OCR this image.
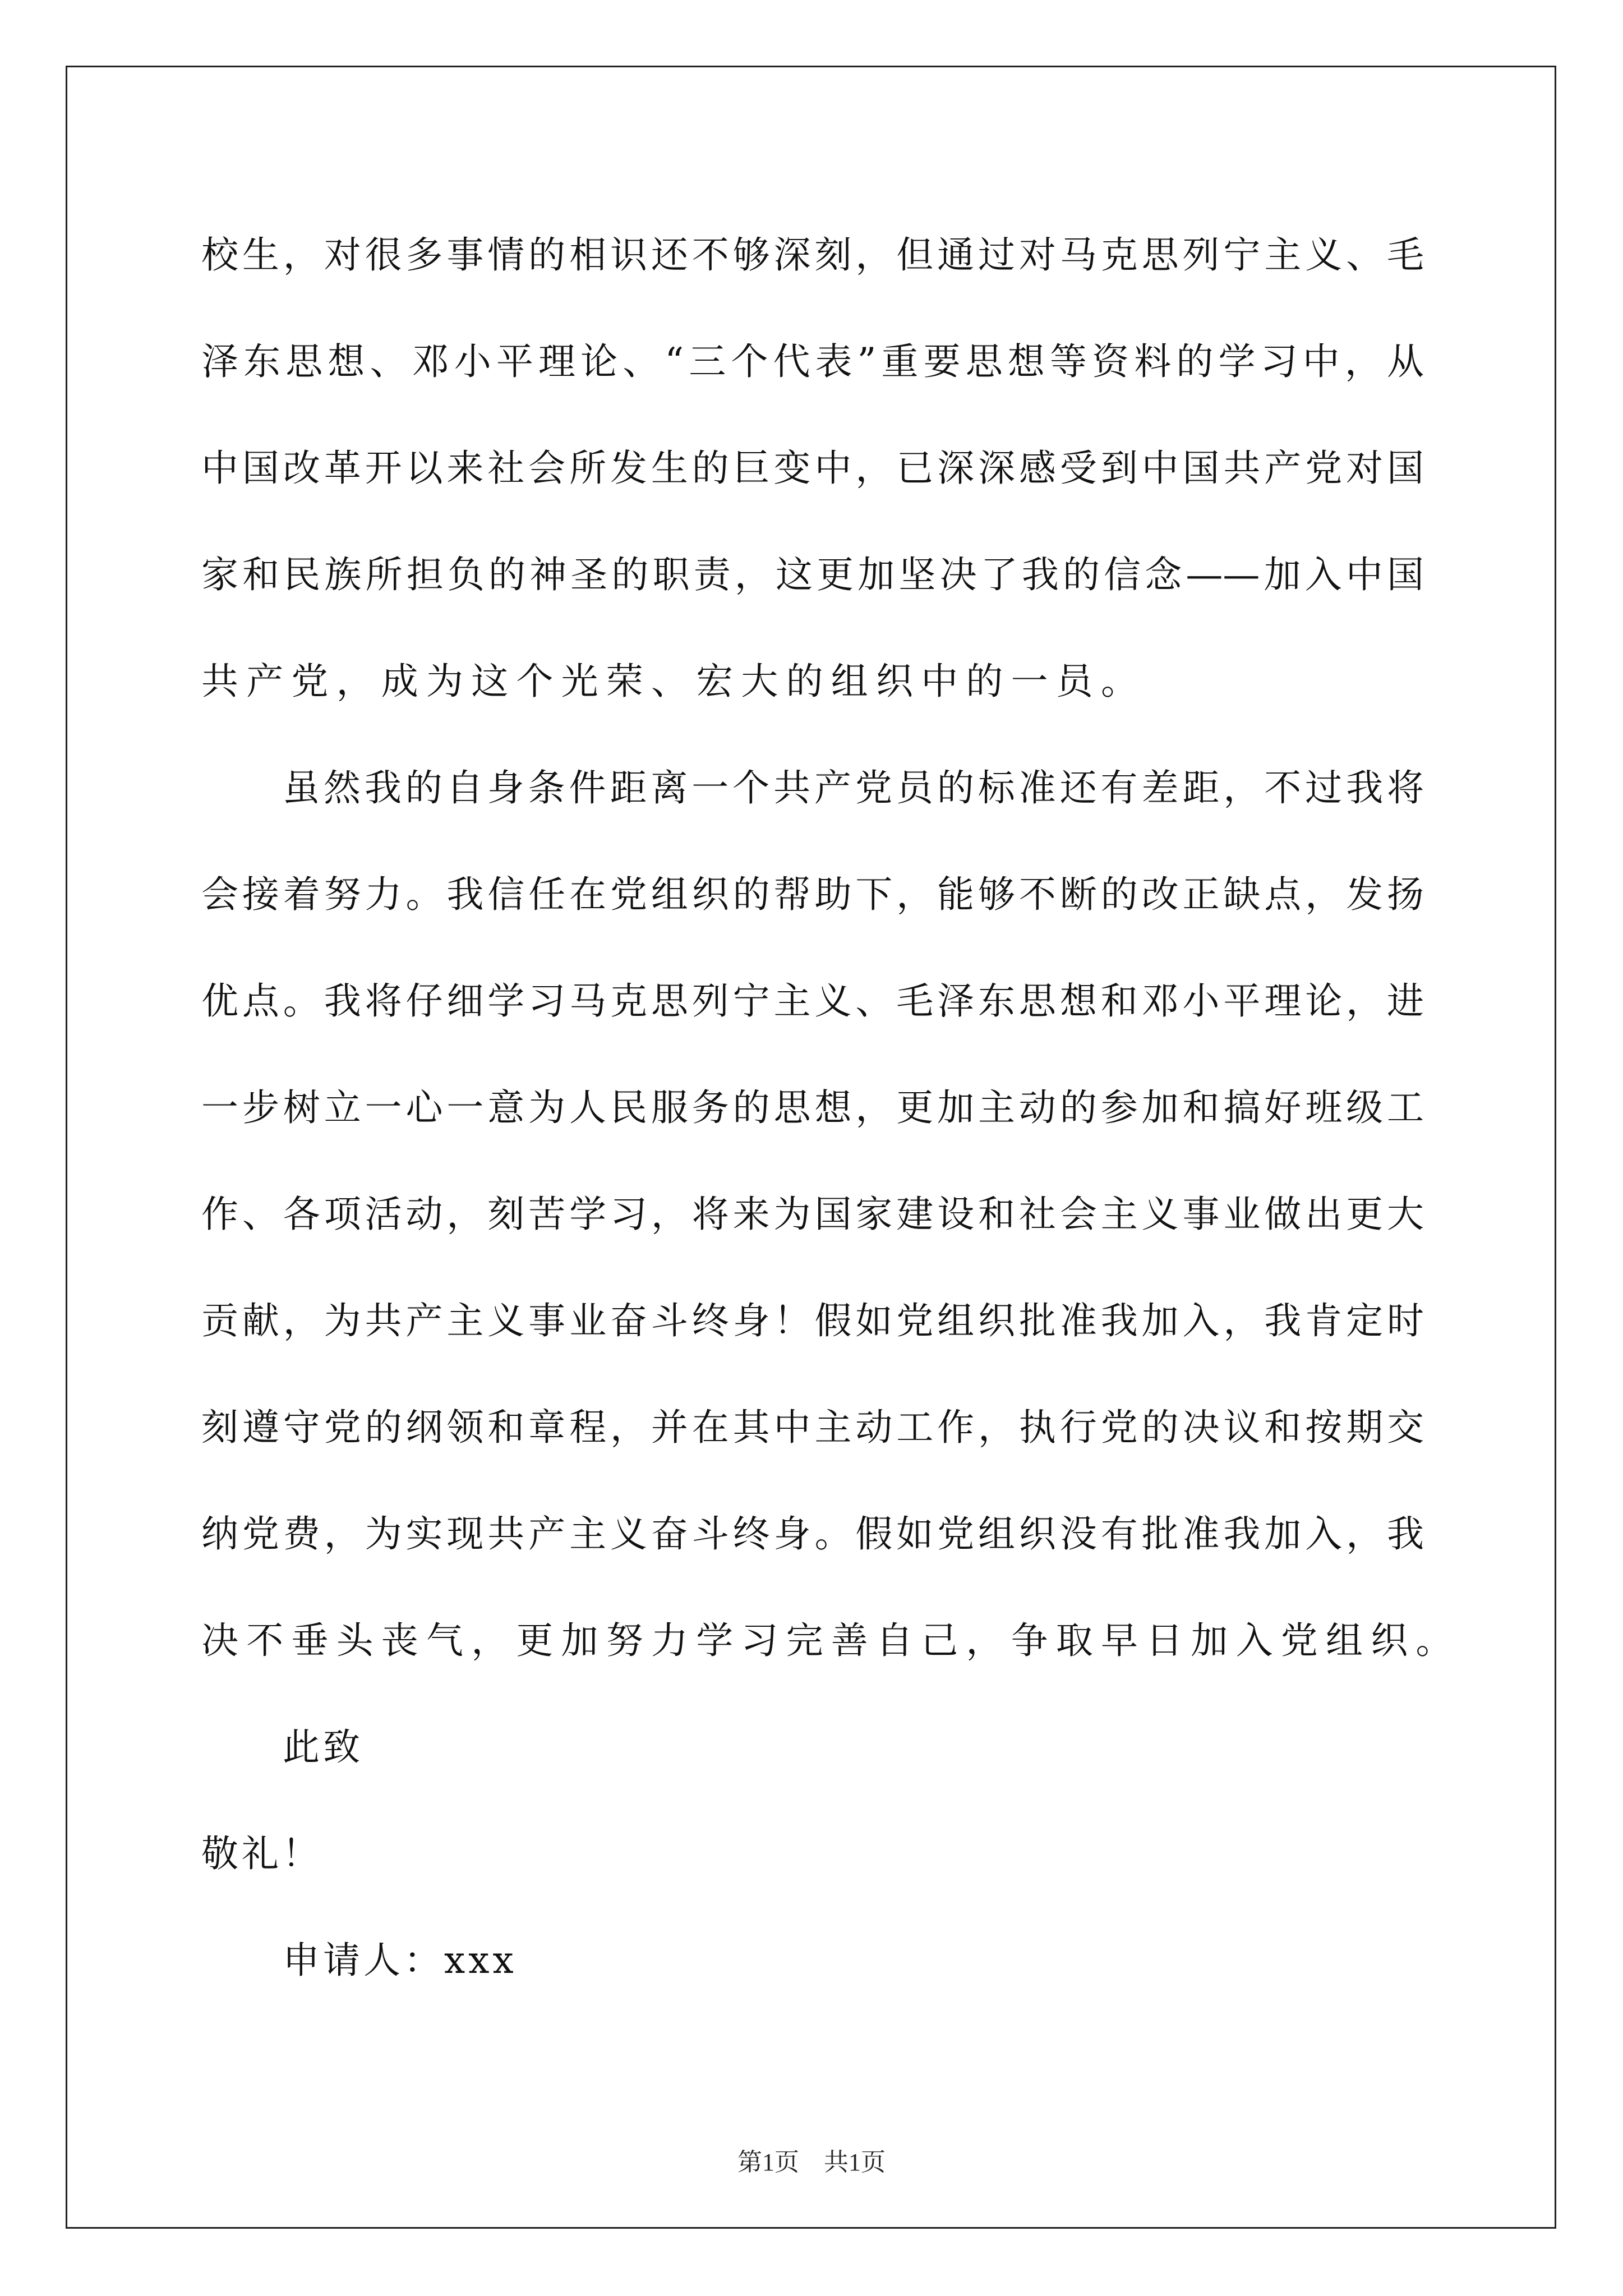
校生，对很多事情的相识还不够深刻，但通过对马克思列宁主义、毛
泽东思想、邓小平理论、“三个代表”重要思想等资料的学习中，从
中国改革开以来社会所发生的巨变中，已深深感受到中国共产党对国
家和民族所担负的神圣的职责，这更加坚决了我的信念——加入中国
共产党，成为这个光荣、宏大的组织中的一员。
虽然我的自身条件距离一个共产党员的标准还有差距，不过我将
会接着努力。我信任在党组织的帮助下，能够不断的改正缺点，发扬
优点。我将仔细学习马克思列宁主义、毛泽东思想和邓小平理论，进
一步树立一心一意为人民服务的思想，更加主动的参加和搞好班级工
作、各项活动，刻苦学习，将来为国家建设和社会主义事业做出更大
贡献，为共产主义事业奋斗终身！假如党组织批准我加入，我肯定时
刻遵守党的纲领和章程，并在其中主动工作，执行党的决议和按期交
纳党费，为实现共产主义奋斗终身。假如党组织没有批准我加入，我
决不垂头丧气，更加努力学习完善自己，争取早日加入党组织。
此致
敬礼！
申请人：xxx
第1页　共1页
